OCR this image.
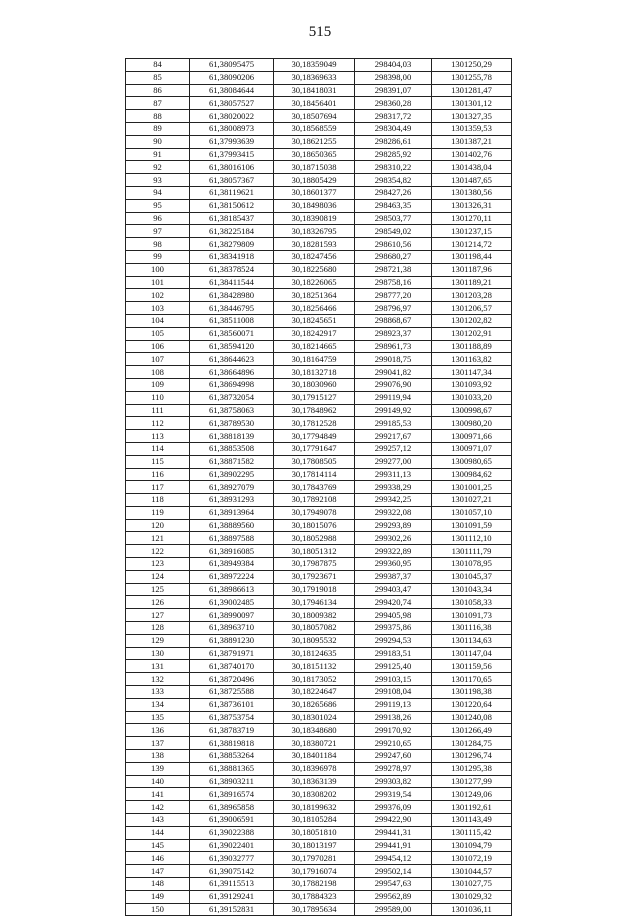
515
84	61,38095475	30,18359049	298404,03	1301250,29
85	61,38090206	30,18369633	298398,00	1301255,78
86	61,38084644	30,18418031	298391,07	1301281,47
87	61,38057527	30,18456401	298360,28	1301301,12
88	61,38020022	30,18507694	298317,72	1301327,35
89	61,38008973	30,18568559	298304,49	1301359,53
90	61,37993639	30,18621255	298286,61	1301387,21
91	61,37993415	30,18650365	298285,92	1301402,76
92	61,38016106	30,18715038	298310,22	1301438,04
93	61,38057367	30,18805429	298354,82	1301487,65
94	61,38119621	30,18601377	298427,26	1301380,56
95	61,38150612	30,18498036	298463,35	1301326,31
96	61,38185437	30,18390819	298503,77	1301270,11
97	61,38225184	30,18326795	298549,02	1301237,15
98	61,38279809	30,18281593	298610,56	1301214,72
99	61,38341918	30,18247456	298680,27	1301198,44
100	61,38378524	30,18225680	298721,38	1301187,96
101	61,38411544	30,18226065	298758,16	1301189,21
102	61,38428980	30,18251364	298777,20	1301203,28
103	61,38446795	30,18256466	298796,97	1301206,57
104	61,38511008	30,18245651	298868,67	1301202,82
105	61,38560071	30,18242917	298923,37	1301202,91
106	61,38594120	30,18214665	298961,73	1301188,89
107	61,38644623	30,18164759	299018,75	1301163,82
108	61,38664896	30,18132718	299041,82	1301147,34
109	61,38694998	30,18030960	299076,90	1301093,92
110	61,38732054	30,17915127	299119,94	1301033,20
111	61,38758063	30,17848962	299149,92	1300998,67
112	61,38789530	30,17812528	299185,53	1300980,20
113	61,38818139	30,17794849	299217,67	1300971,66
114	61,38853508	30,17791647	299257,12	1300971,07
115	61,38871582	30,17808505	299277,00	1300980,65
116	61,38902295	30,17814114	299311,13	1300984,62
117	61,38927079	30,17843769	299338,29	1301001,25
118	61,38931293	30,17892108	299342,25	1301027,21
119	61,38913964	30,17949078	299322,08	1301057,10
120	61,38889560	30,18015076	299293,89	1301091,59
121	61,38897588	30,18052988	299302,26	1301112,10
122	61,38916085	30,18051312	299322,89	1301111,79
123	61,38949384	30,17987875	299360,95	1301078,95
124	61,38972224	30,17923671	299387,37	1301045,37
125	61,38986613	30,17919018	299403,47	1301043,34
126	61,39002485	30,17946134	299420,74	1301058,33
127	61,38990097	30,18009382	299405,98	1301091,73
128	61,38963710	30,18057082	299375,86	1301116,38
129	61,38891230	30,18095532	299294,53	1301134,63
130	61,38791971	30,18124635	299183,51	1301147,04
131	61,38740170	30,18151132	299125,40	1301159,56
132	61,38720496	30,18173052	299103,15	1301170,65
133	61,38725588	30,18224647	299108,04	1301198,38
134	61,38736101	30,18265686	299119,13	1301220,64
135	61,38753754	30,18301024	299138,26	1301240,08
136	61,38783719	30,18348680	299170,92	1301266,49
137	61,38819818	30,18380721	299210,65	1301284,75
138	61,38853264	30,18401184	299247,60	1301296,74
139	61,38881365	30,18396978	299278,97	1301295,38
140	61,38903211	30,18363139	299303,82	1301277,99
141	61,38916574	30,18308202	299319,54	1301249,06
142	61,38965858	30,18199632	299376,09	1301192,61
143	61,39006591	30,18105284	299422,90	1301143,49
144	61,39022388	30,18051810	299441,31	1301115,42
145	61,39022401	30,18013197	299441,91	1301094,79
146	61,39032777	30,17970281	299454,12	1301072,19
147	61,39075142	30,17916074	299502,14	1301044,57
148	61,39115513	30,17882198	299547,63	1301027,75
149	61,39129241	30,17884323	299562,89	1301029,32
150	61,39152831	30,17895634	299589,00	1301036,11
